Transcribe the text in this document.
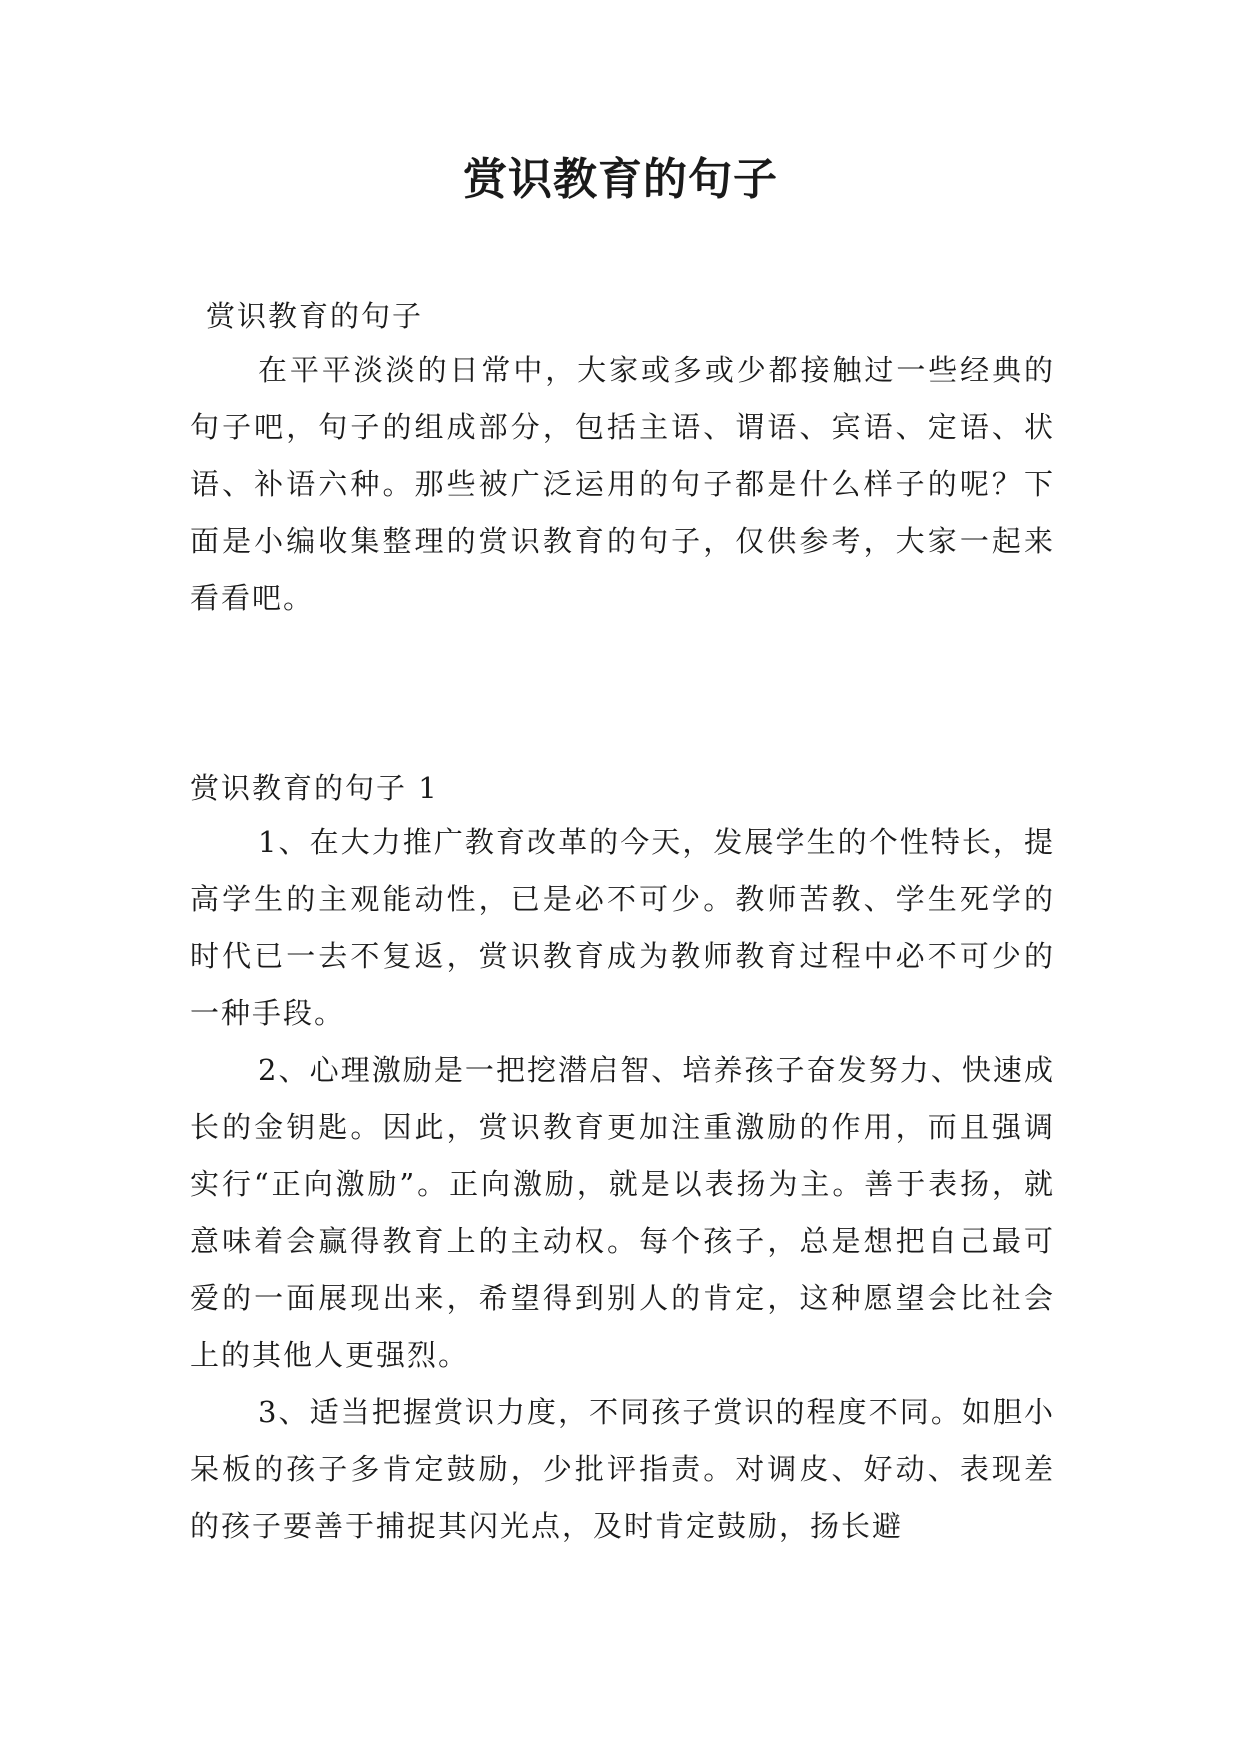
赏识教育的句子
赏识教育的句子
在平平淡淡的日常中，大家或多或少都接触过一些经典的句子吧，句子的组成部分，包括主语、谓语、宾语、定语、状语、补语六种。那些被广泛运用的句子都是什么样子的呢？下面是小编收集整理的赏识教育的句子，仅供参考，大家一起来看看吧。
赏识教育的句子 1

1、在大力推广教育改革的今天，发展学生的个性特长，提高学生的主观能动性，已是必不可少。教师苦教、学生死学的时代已一去不复返，赏识教育成为教师教育过程中必不可少的一种手段。

2、心理激励是一把挖潜启智、培养孩子奋发努力、快速成长的金钥匙。因此，赏识教育更加注重激励的作用，而且强调实行“正向激励”。正向激励，就是以表扬为主。善于表扬，就意味着会赢得教育上的主动权。每个孩子，总是想把自己最可爱的一面展现出来，希望得到别人的肯定，这种愿望会比社会上的其他人更强烈。

3、适当把握赏识力度，不同孩子赏识的程度不同。如胆小呆板的孩子多肯定鼓励，少批评指责。对调皮、好动、表现差的孩子要善于捕捉其闪光点，及时肯定鼓励，扬长避
